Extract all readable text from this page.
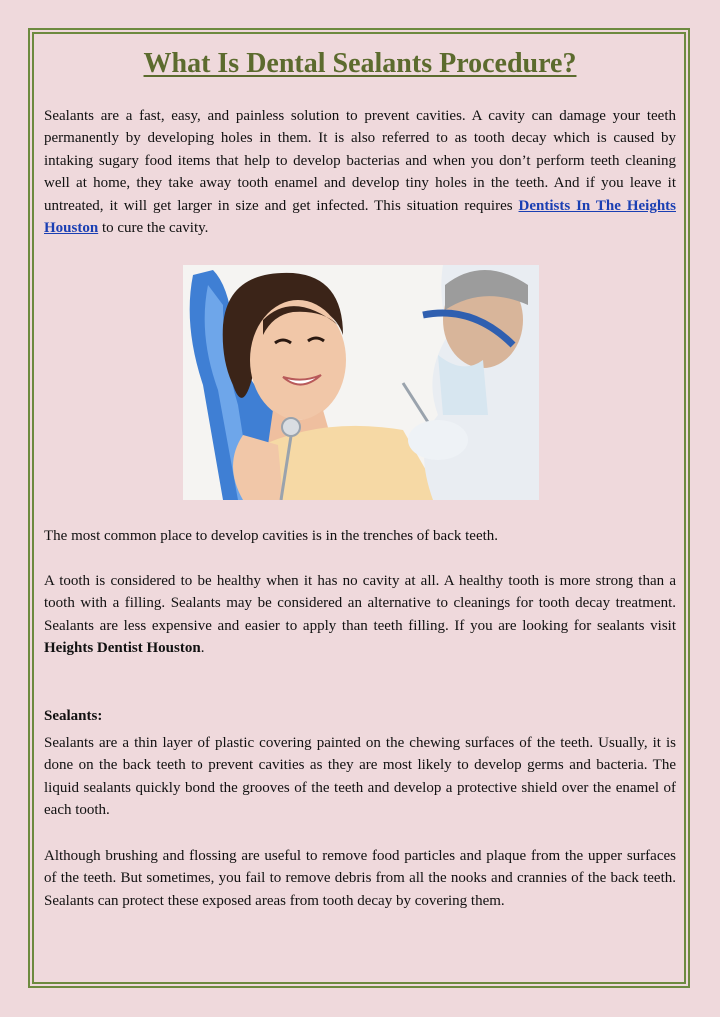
What Is Dental Sealants Procedure?

Sealants are a fast, easy, and painless solution to prevent cavities. A cavity can damage your teeth permanently by developing holes in them. It is also referred to as tooth decay which is caused by intaking sugary food items that help to develop bacterias and when you don’t perform teeth cleaning well at home, they take away tooth enamel and develop tiny holes in the teeth. And if you leave it untreated, it will get larger in size and get infected. This situation requires Dentists In The Heights Houston to cure the cavity.

The most common place to develop cavities is in the trenches of back teeth.

A tooth is considered to be healthy when it has no cavity at all. A healthy tooth is more strong than a tooth with a filling. Sealants may be considered an alternative to cleanings for tooth decay treatment. Sealants are less expensive and easier to apply than teeth filling. If you are looking for sealants visit Heights Dentist Houston.

Sealants:

Sealants are a thin layer of plastic covering painted on the chewing surfaces of the teeth. Usually, it is done on the back teeth to prevent cavities as they are most likely to develop germs and bacteria. The liquid sealants quickly bond the grooves of the teeth and develop a protective shield over the enamel of each tooth.

Although brushing and flossing are useful to remove food particles and plaque from the upper surfaces of the teeth. But sometimes, you fail to remove debris from all the nooks and crannies of the back teeth. Sealants can protect these exposed areas from tooth decay by covering them.
